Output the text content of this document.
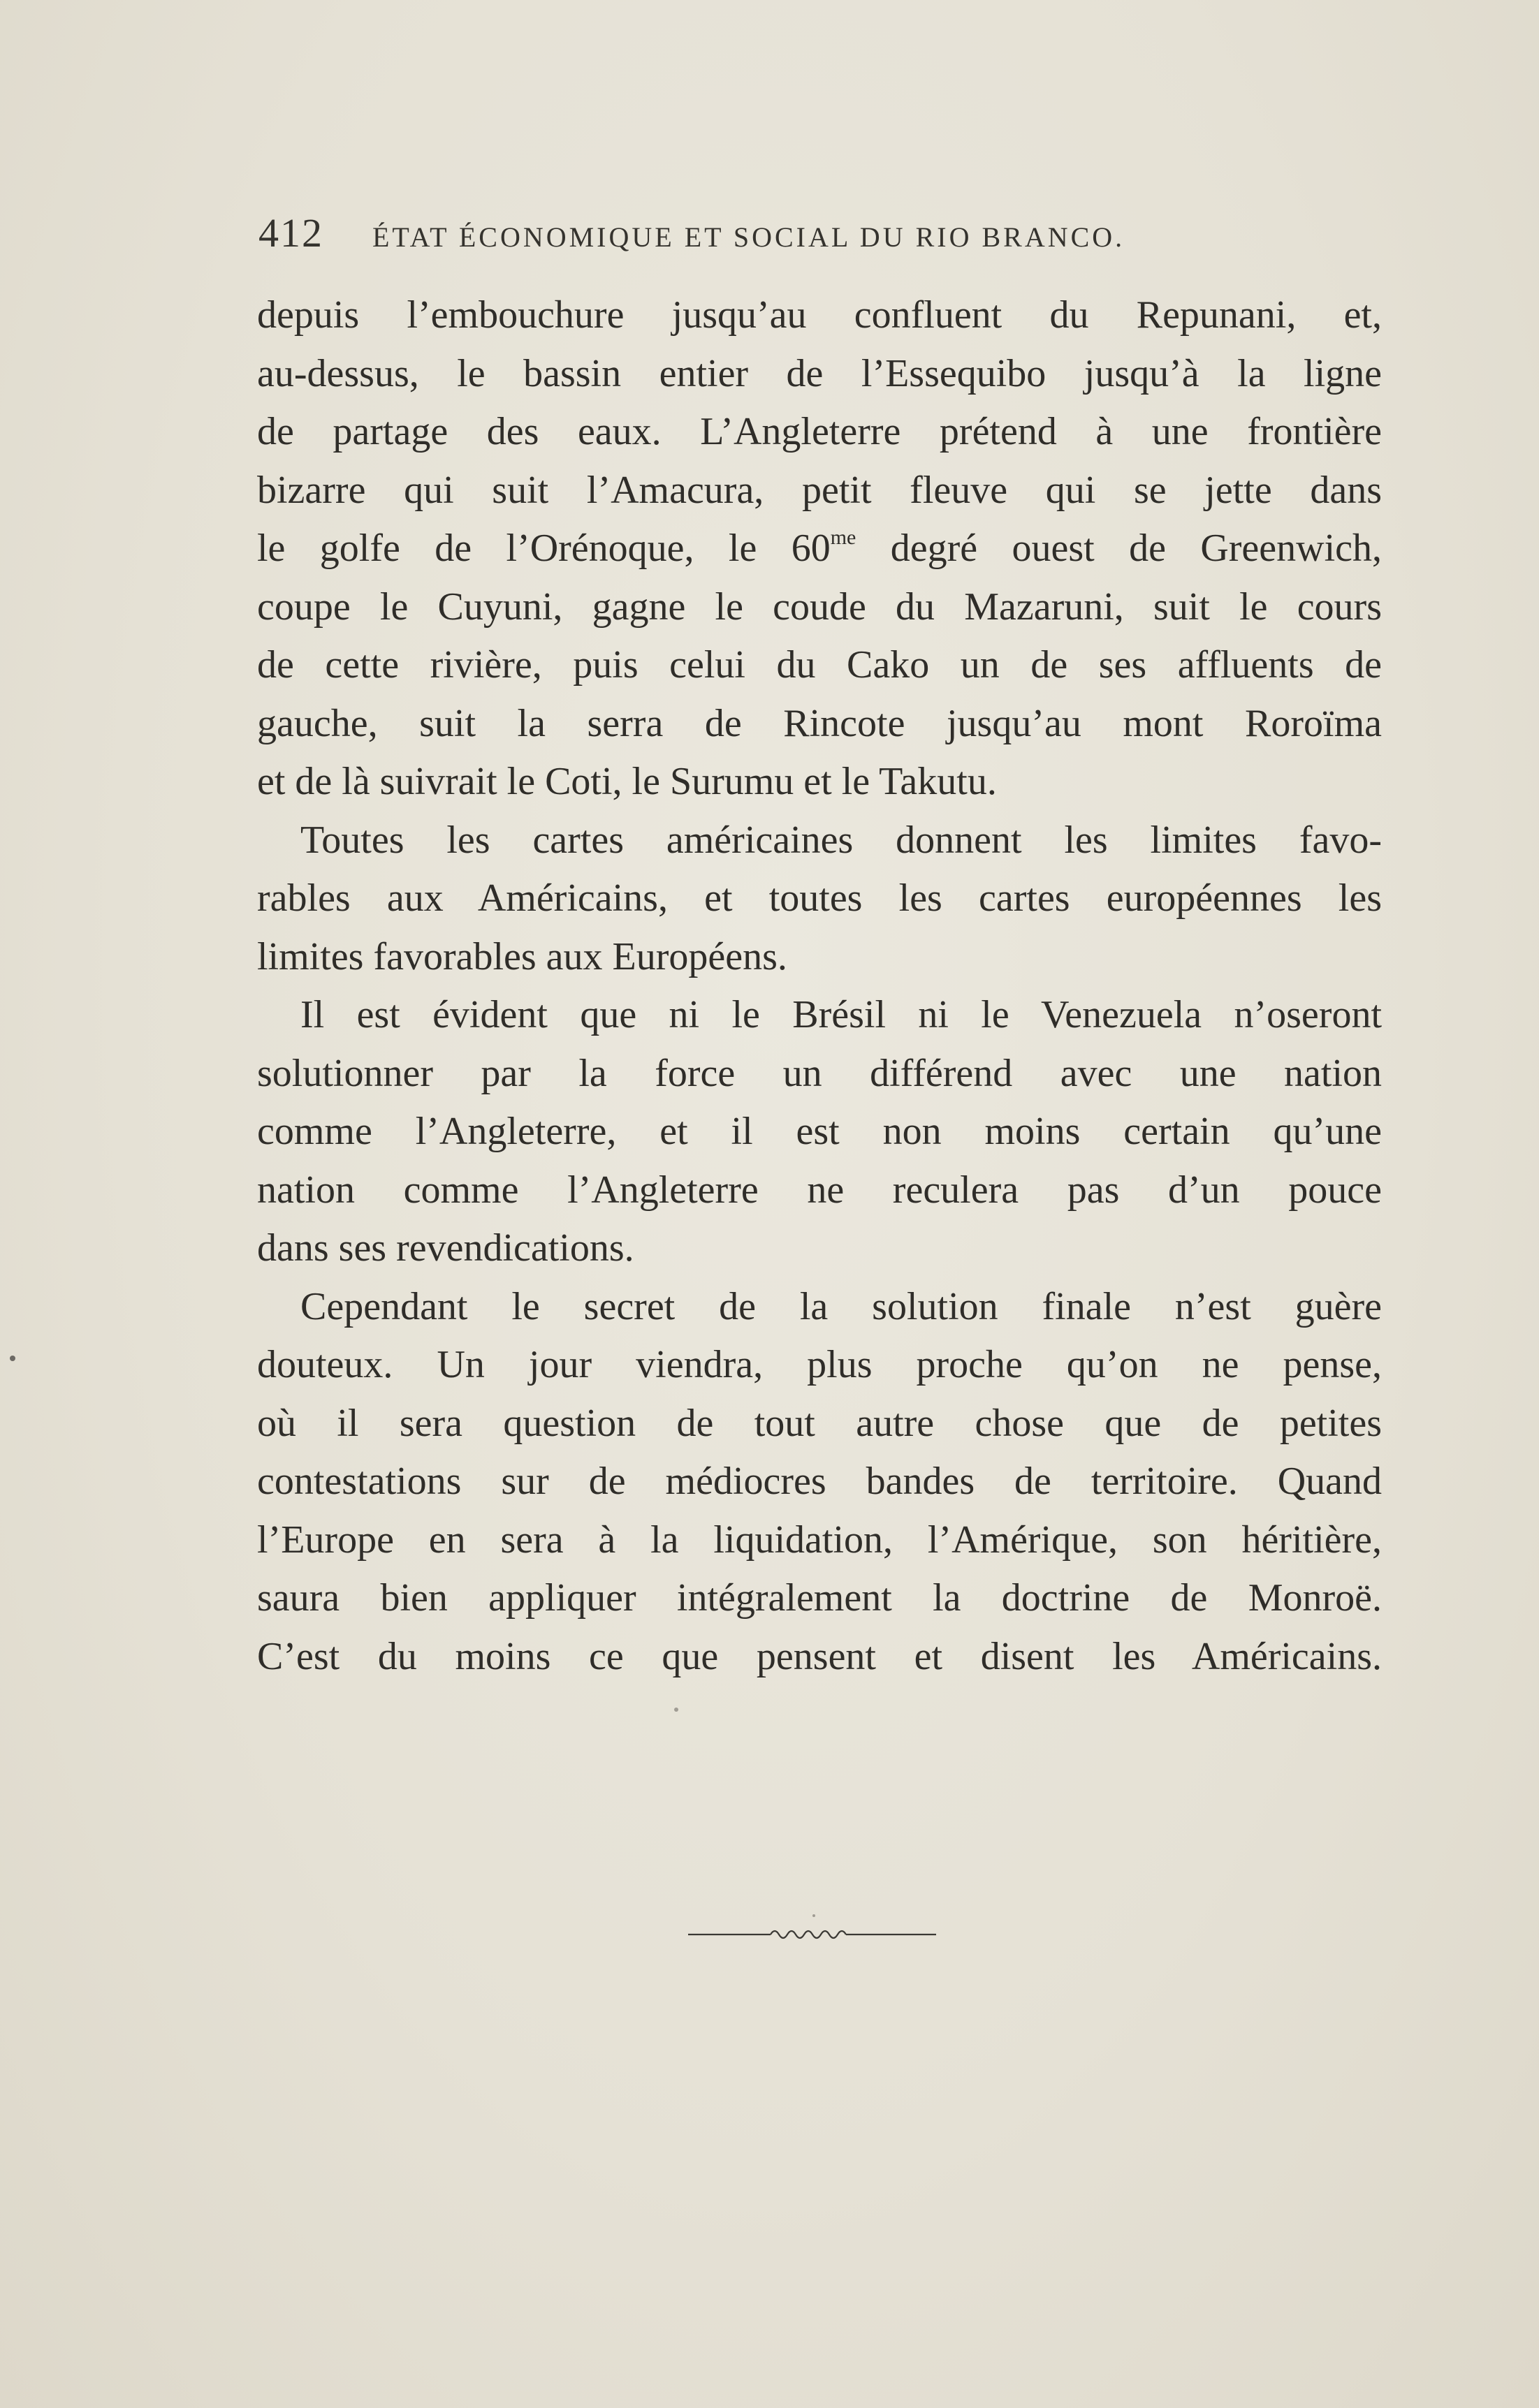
412 ÉTAT ÉCONOMIQUE ET SOCIAL DU RIO BRANCO.
depuis l’embouchure jusqu’au confluent du Repunani, et,
au-dessus, le bassin entier de l’Essequibo jusqu’à la ligne
de partage des eaux. L’Angleterre prétend à une frontière
bizarre qui suit l’Amacura, petit fleuve qui se jette dans
le golfe de l’Orénoque, le $60^{me}$ degré ouest de Greenwich,
coupe le Cuyuni, gagne le coude du Mazaruni, suit le cours
de cette rivière, puis celui du Cako un de ses affluents de
gauche, suit la serra de Rincote jusqu’au mont Roroïma
et de là suivrait le Coti, le Surumu et le Takutu.
Toutes les cartes américaines donnent les limites favo-
rables aux Américains, et toutes les cartes européennes les
limites favorables aux Européens.
Il est évident que ni le Brésil ni le Venezuela n’oseront
solutionner par la force un différend avec une nation
comme l’Angleterre, et il est non moins certain qu’une
nation comme l’Angleterre ne reculera pas d’un pouce
dans ses revendications.
Cependant le secret de la solution finale n’est guère
douteux. Un jour viendra, plus proche qu’on ne pense,
où il sera question de tout autre chose que de petites
contestations sur de médiocres bandes de territoire. Quand
l’Europe en sera à la liquidation, l’Amérique, son héritière,
saura bien appliquer intégralement la doctrine de Monroë.
C’est du moins ce que pensent et disent les Américains.
